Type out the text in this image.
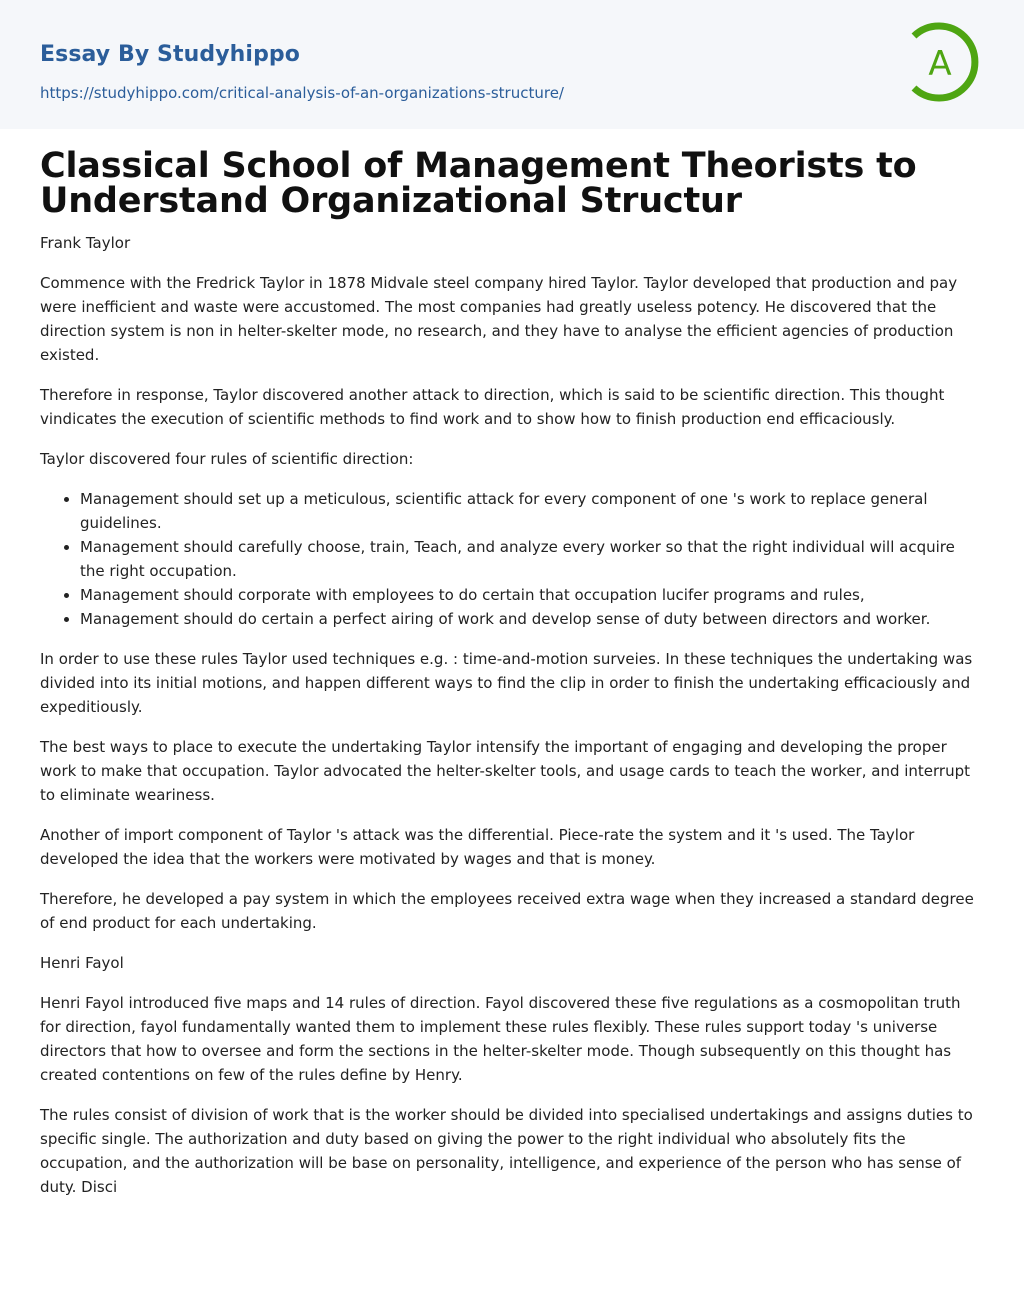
Essay By Studyhippo
https://studyhippo.com/critical-analysis-of-an-organizations-structure/
A
Classical School of Management Theorists to Understand Organizational Structur
Frank Taylor

Commence with the Fredrick Taylor in 1878 Midvale steel company hired Taylor. Taylor developed that production and pay were inefficient and waste were accustomed. The most companies had greatly useless potency. He discovered that the direction system is non in helter-skelter mode, no research, and they have to analyse the efficient agencies of production existed.

Therefore in response, Taylor discovered another attack to direction, which is said to be scientific direction. This thought vindicates the execution of scientific methods to find work and to show how to finish production end efficaciously.

Taylor discovered four rules of scientific direction:

Management should set up a meticulous, scientific attack for every component of one 's work to replace general guidelines.
Management should carefully choose, train, Teach, and analyze every worker so that the right individual will acquire the right occupation.
Management should corporate with employees to do certain that occupation lucifer programs and rules,
Management should do certain a perfect airing of work and develop sense of duty between directors and worker.

In order to use these rules Taylor used techniques e.g. : time-and-motion surveies. In these techniques the undertaking was divided into its initial motions, and happen different ways to find the clip in order to finish the undertaking efficaciously and expeditiously.

The best ways to place to execute the undertaking Taylor intensify the important of engaging and developing the proper work to make that occupation. Taylor advocated the helter-skelter tools, and usage cards to teach the worker, and interrupt to eliminate weariness.

Another of import component of Taylor 's attack was the differential. Piece-rate the system and it 's used. The Taylor developed the idea that the workers were motivated by wages and that is money.

Therefore, he developed a pay system in which the employees received extra wage when they increased a standard degree of end product for each undertaking.

Henri Fayol

Henri Fayol introduced five maps and 14 rules of direction. Fayol discovered these five regulations as a cosmopolitan truth for direction, fayol fundamentally wanted them to implement these rules flexibly. These rules support today 's universe directors that how to oversee and form the sections in the helter-skelter mode. Though subsequently on this thought has created contentions on few of the rules define by Henry.

The rules consist of division of work that is the worker should be divided into specialised undertakings and assigns duties to specific single. The authorization and duty based on giving the power to the right individual who absolutely fits the occupation, and the authorization will be base on personality, intelligence, and experience of the person who has sense of duty. Disci
